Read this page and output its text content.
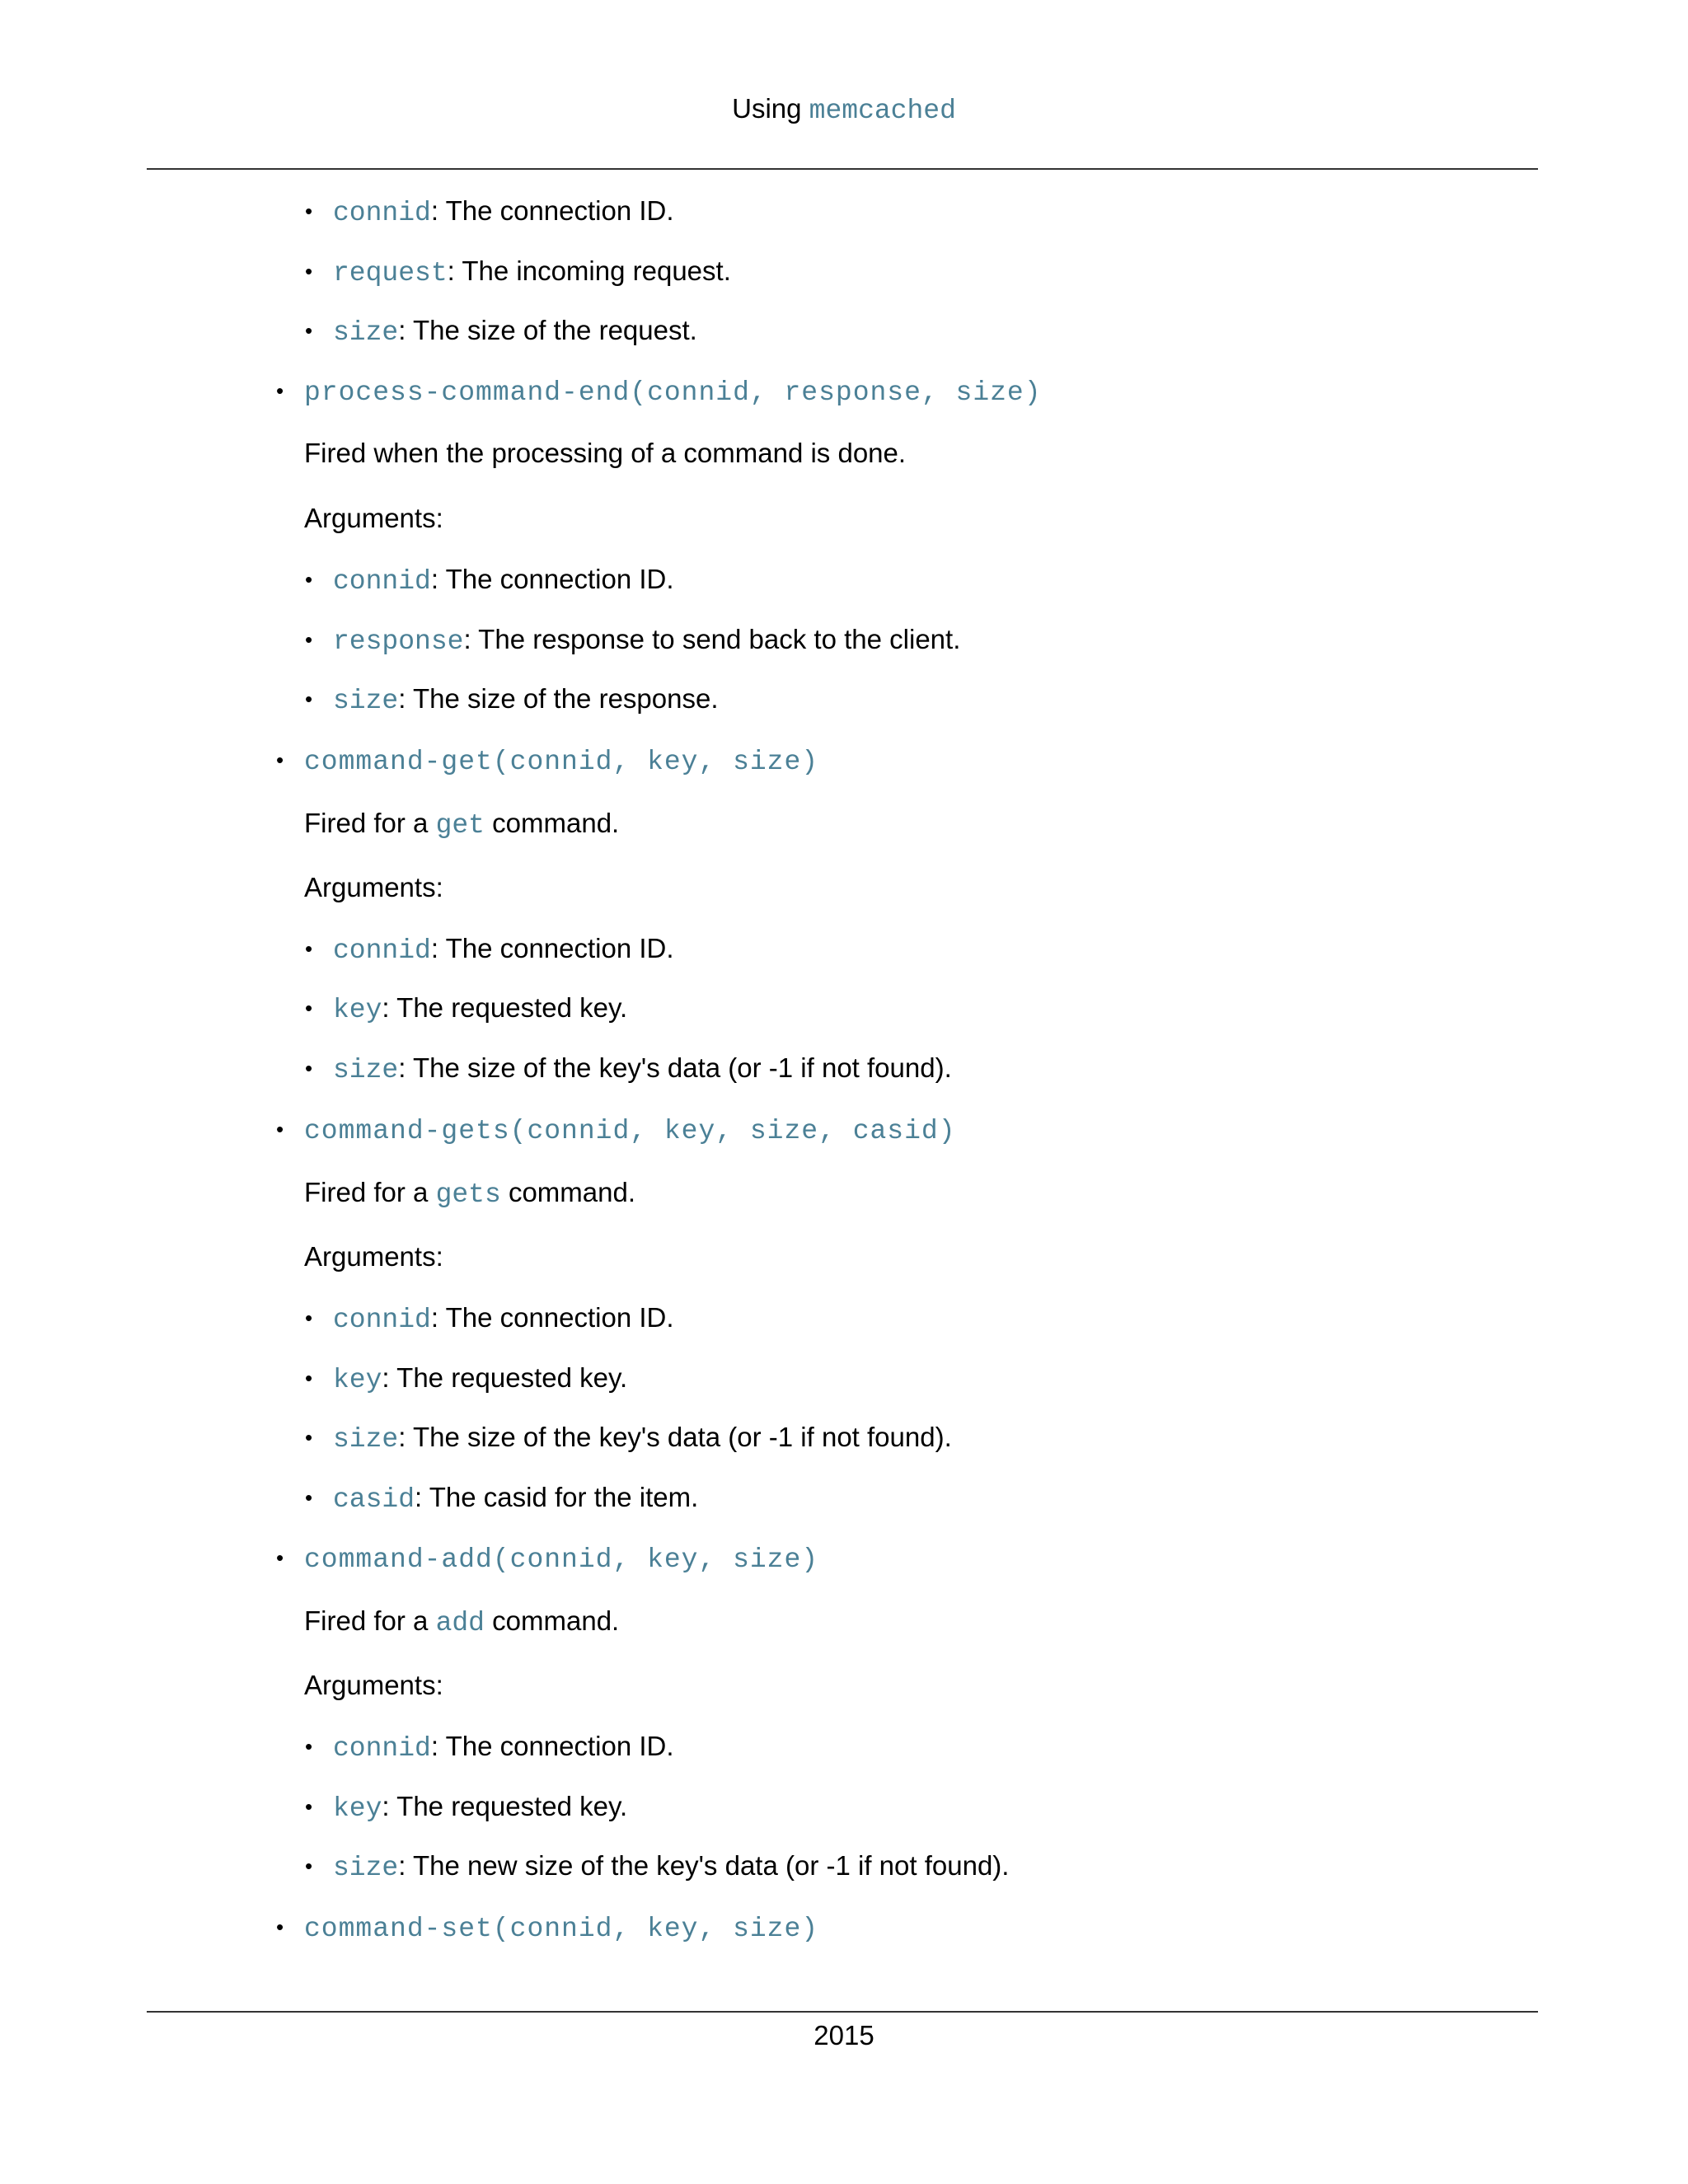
Using memcached
• connid: The connection ID.
• request: The incoming request.
• size: The size of the request.
• process-command-end(connid, response, size)
Fired when the processing of a command is done.
Arguments:
• connid: The connection ID.
• response: The response to send back to the client.
• size: The size of the response.
• command-get(connid, key, size)
Fired for a get command.
Arguments:
• connid: The connection ID.
• key: The requested key.
• size: The size of the key's data (or -1 if not found).
• command-gets(connid, key, size, casid)
Fired for a gets command.
Arguments:
• connid: The connection ID.
• key: The requested key.
• size: The size of the key's data (or -1 if not found).
• casid: The casid for the item.
• command-add(connid, key, size)
Fired for a add command.
Arguments:
• connid: The connection ID.
• key: The requested key.
• size: The new size of the key's data (or -1 if not found).
• command-set(connid, key, size)
2015
